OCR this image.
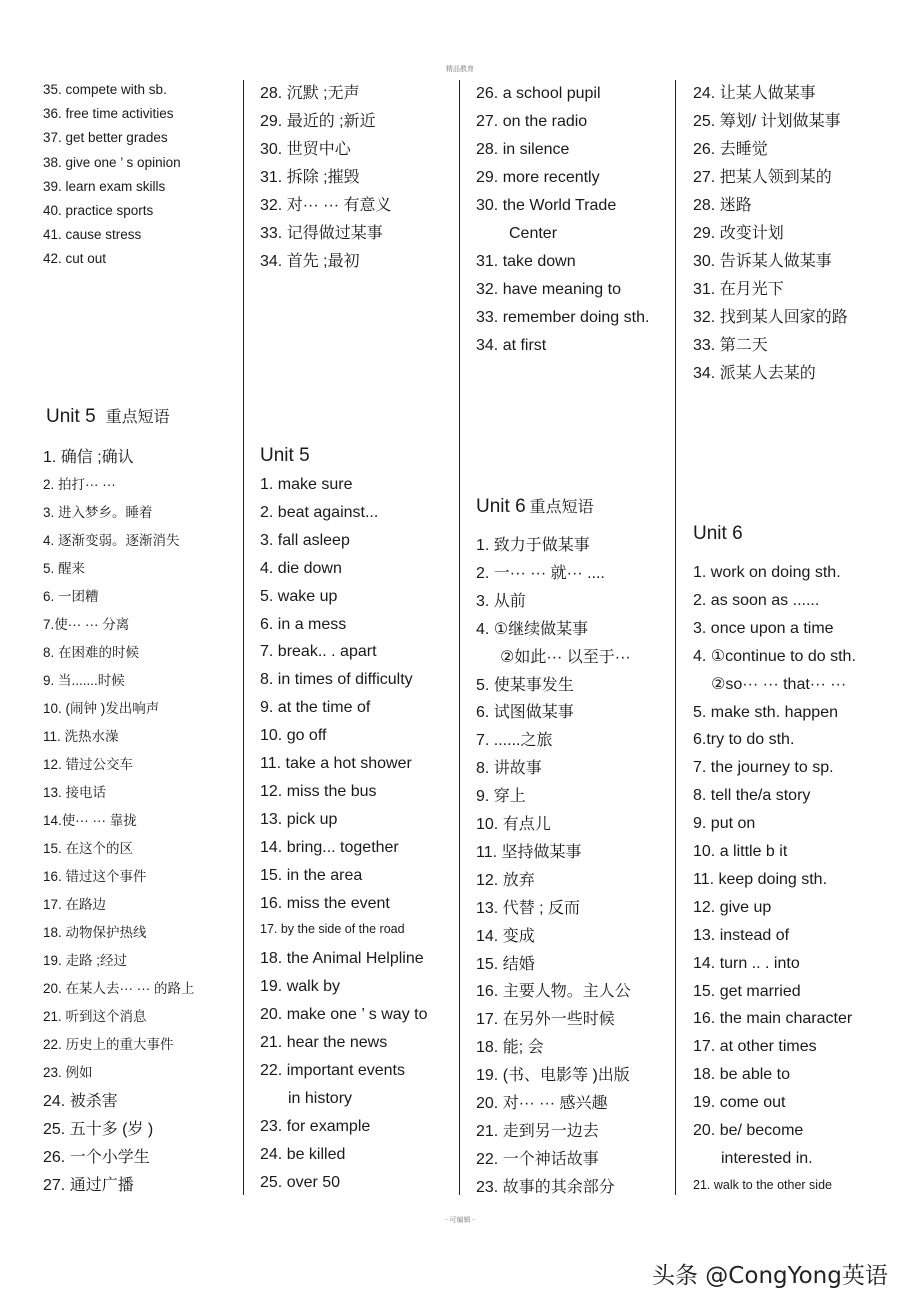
精品教育
35. compete with sb.
36. free time activities
37. get better grades
38. give one ’ s opinion
39. learn exam skills
40. practice sports
41. cause stress
42. cut out
Unit 5 重点短语
1. 确信 ;确认
2. 拍打··· ···
3. 进入梦乡。睡着
4. 逐渐变弱。逐渐消失
5. 醒来
6. 一团糟
7.使··· ··· 分离
8. 在困难的时候
9. 当.......时候
10. (闹钟 )发出响声
11. 洗热水澡
12. 错过公交车
13. 接电话
14.使··· ··· 靠拢
15. 在这个的区
16. 错过这个事件
17. 在路边
18. 动物保护热线
19. 走路 ;经过
20. 在某人去··· ··· 的路上
21. 听到这个消息
22. 历史上的重大事件
23. 例如
24. 被杀害
25. 五十多 (岁 )
26. 一个小学生
27. 通过广播
28. 沉默 ;无声
29. 最近的 ;新近
30. 世贸中心
31. 拆除 ;摧毁
32. 对··· ··· 有意义
33. 记得做过某事
34. 首先 ;最初
Unit 5
1. make sure
2. beat against...
3. fall asleep
4. die down
5. wake up
6. in a mess
7. break.. . apart
8. in times of difficulty
9. at the time of
10. go off
11. take a hot shower
12. miss the bus
13. pick up
14. bring... together
15. in the area
16. miss the event
17. by the side of the road
18. the Animal Helpline
19. walk by
20. make one ’ s way to
21. hear the news
22. important events
in history
23. for example
24. be killed
25. over 50
26. a school pupil
27. on the radio
28. in silence
29. more recently
30. the World Trade
Center
31. take down
32. have meaning to
33. remember doing sth.
34. at first
Unit 6 重点短语
1. 致力于做某事
2. 一··· ··· 就··· ....
3. 从前
4. ①继续做某事
②如此··· 以至于···
5. 使某事发生
6. 试图做某事
7. ......之旅
8. 讲故事
9. 穿上
10. 有点儿
11. 坚持做某事
12. 放弃
13. 代替 ; 反而
14. 变成
15. 结婚
16. 主要人物。主人公
17. 在另外一些时候
18. 能; 会
19. (书、电影等 )出版
20. 对··· ··· 感兴趣
21. 走到另一边去
22. 一个神话故事
23. 故事的其余部分
24. 让某人做某事
25. 筹划/ 计划做某事
26. 去睡觉
27. 把某人领到某的
28. 迷路
29. 改变计划
30. 告诉某人做某事
31. 在月光下
32. 找到某人回家的路
33. 第二天
34. 派某人去某的
Unit 6
1. work on doing sth.
2. as soon as ......
3. once upon a time
4. ①continue to do sth.
②so··· ··· that··· ···
5. make sth. happen
6.try to do sth.
7. the journey to sp.
8. tell the/a story
9. put on
10. a little b it
11. keep doing sth.
12. give up
13. instead of
14. turn .. . into
15. get married
16. the main character
17. at other times
18. be able to
19. come out
20. be/ become
interested in.
21. walk to the other side
- 可编辑 -
头条 @CongYong英语
